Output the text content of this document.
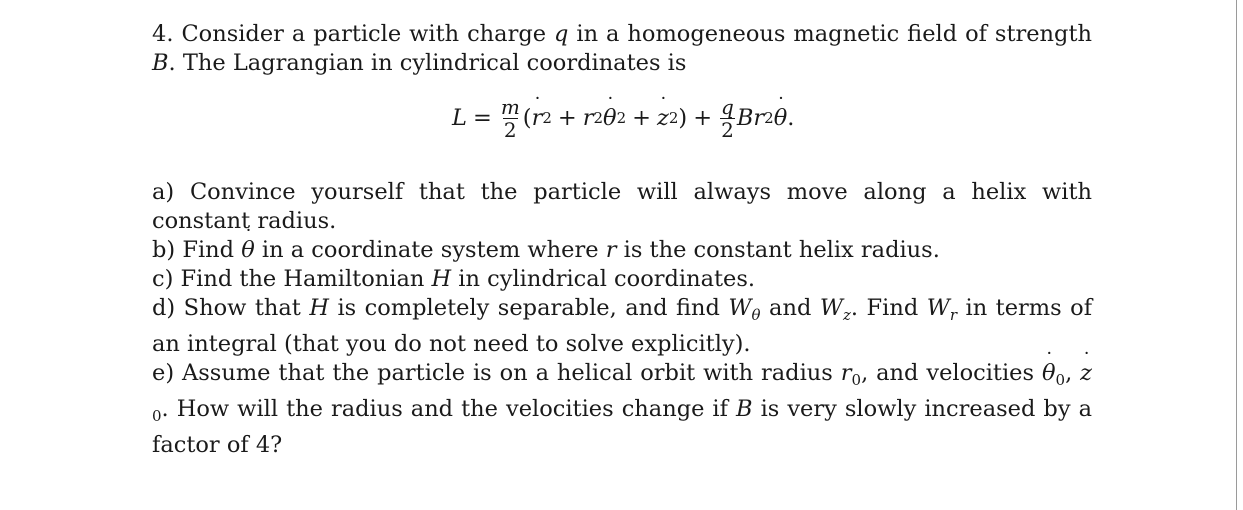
4. Consider a particle with charge q in a homogeneous magnetic field of strength B. The Lagrangian in cylindrical coordinates is
$L = \frac{m}{2}$ ( r ˙ 2 + r 2 θ ˙ 2 + z ˙ 2 ) + $\frac{q}{2}$ B r 2 θ ˙ .
a) Convince yourself that the particle will always move along a helix with constant radius.
b) Find θ ˙ in a coordinate system where r is the constant helix radius.
c) Find the Hamiltonian H in cylindrical coordinates.
d) Show that H is completely separable, and find $W_\theta$ and $W_z$. Find $W_r$ in terms of an integral (that you do not need to solve explicitly).
e) Assume that the particle is on a helical orbit with radius $r_0$, and velocities θ $˙_0$, z $˙_0$. How will the radius and the velocities change if B is very slowly increased by a factor of 4?
